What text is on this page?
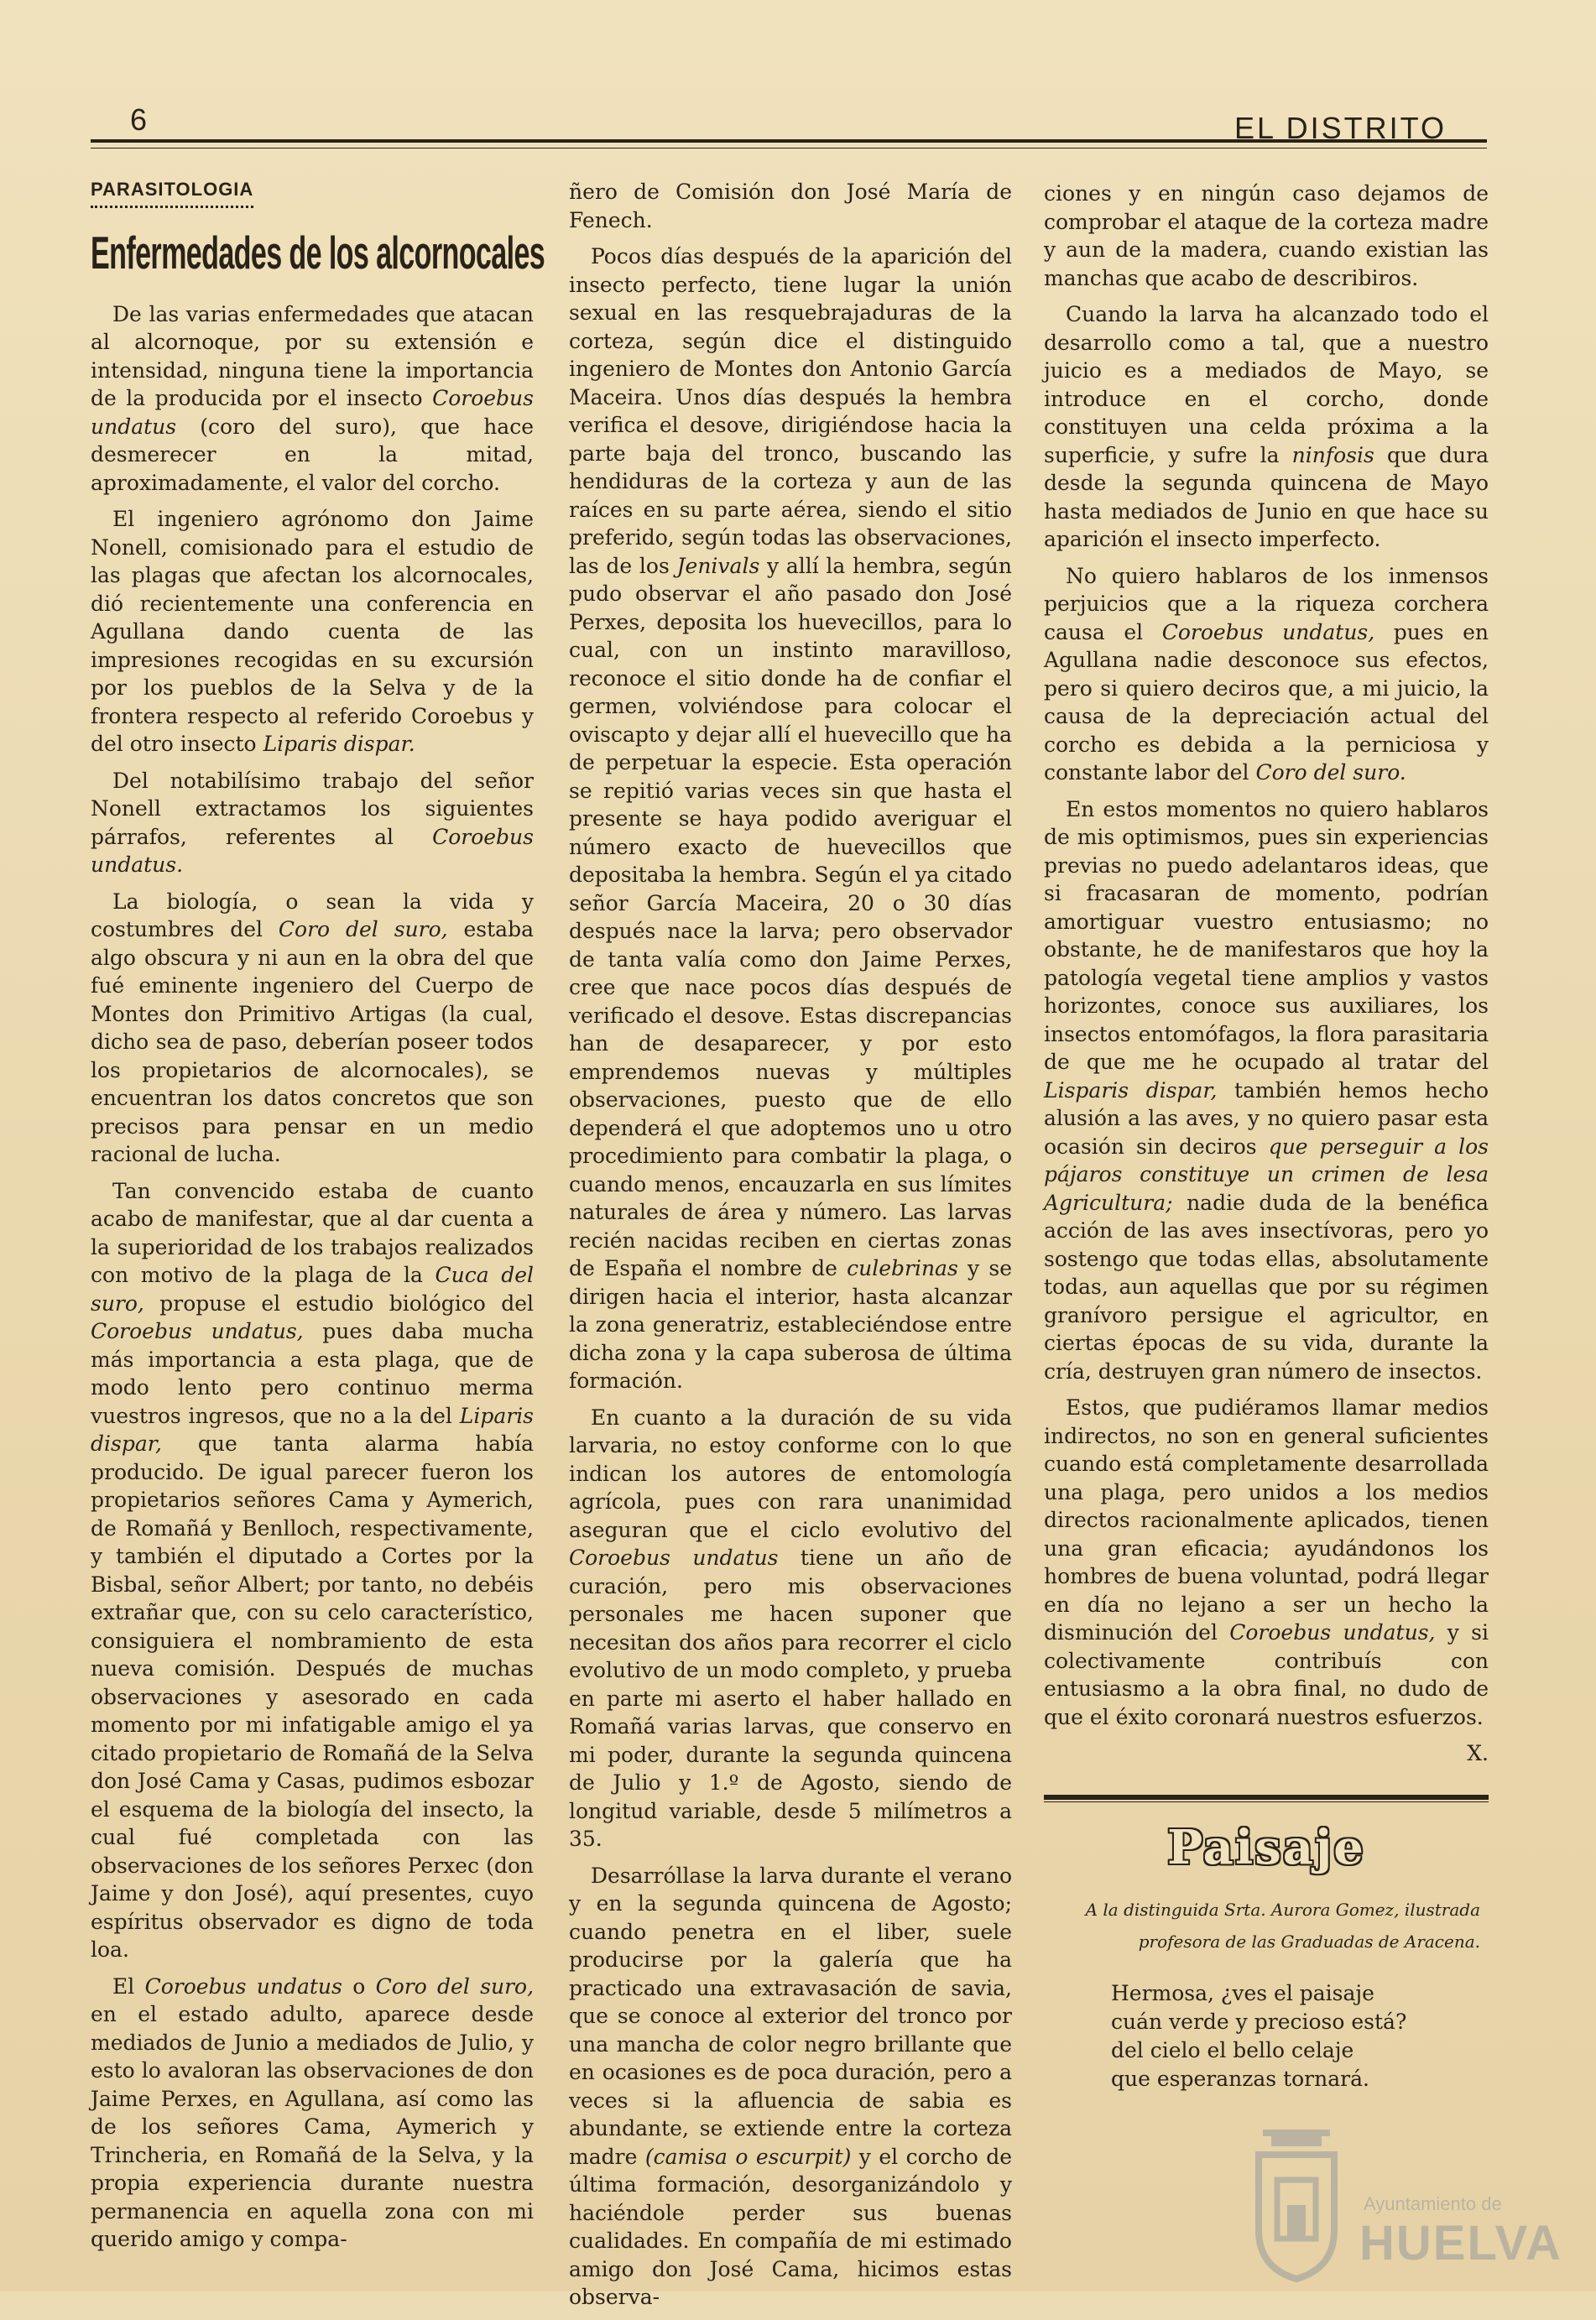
6	EL DISTRITO
PARASITOLOGIA
Enfermedades de los alcornocales

De las varias enfermedades que atacan al alcornoque, por su extensión e intensidad, ninguna tiene la importancia de la producida por el insecto Coroebus undatus (coro del suro), que hace desmerecer en la mitad, aproximadamente, el valor del corcho.

El ingeniero agrónomo don Jaime Nonell, comisionado para el estudio de las plagas que afectan los alcornocales, dió recientemente una conferencia en Agullana dando cuenta de las impresiones recogidas en su excursión por los pueblos de la Selva y de la frontera respecto al referido Coroebus y del otro insecto Liparis dispar.

Del notabilísimo trabajo del señor Nonell extractamos los siguientes párrafos, referentes al Coroebus undatus.

La biología, o sean la vida y costumbres del Coro del suro, estaba algo obscura y ni aun en la obra del que fué eminente ingeniero del Cuerpo de Montes don Primitivo Artigas (la cual, dicho sea de paso, deberían poseer todos los propietarios de alcornocales), se encuentran los datos concretos que son precisos para pensar en un medio racional de lucha.

Tan convencido estaba de cuanto acabo de manifestar, que al dar cuenta a la superioridad de los trabajos realizados con motivo de la plaga de la Cuca del suro, propuse el estudio biológico del Coroebus undatus, pues daba mucha más importancia a esta plaga, que de modo lento pero continuo merma vuestros ingresos, que no a la del Liparis dispar, que tanta alarma había producido. De igual parecer fueron los propietarios señores Cama y Aymerich, de Romañá y Benlloch, respectivamente, y también el diputado a Cortes por la Bisbal, señor Albert; por tanto, no debéis extrañar que, con su celo característico, consiguiera el nombramiento de esta nueva comisión. Después de muchas observaciones y asesorado en cada momento por mi infatigable amigo el ya citado propietario de Romañá de la Selva don José Cama y Casas, pudimos esbozar el esquema de la biología del insecto, la cual fué completada con las observaciones de los señores Perxec (don Jaime y don José), aquí presentes, cuyo espíritus observador es digno de toda loa.

El Coroebus undatus o Coro del suro, en el estado adulto, aparece desde mediados de Junio a mediados de Julio, y esto lo avaloran las observaciones de don Jaime Perxes, en Agullana, así como las de los señores Cama, Aymerich y Trincheria, en Romañá de la Selva, y la propia experiencia durante nuestra permanencia en aquella zona con mi querido amigo y compa-

ñero de Comisión don José María de Fenech.

Pocos días después de la aparición del insecto perfecto, tiene lugar la unión sexual en las resquebrajaduras de la corteza, según dice el distinguido ingeniero de Montes don Antonio García Maceira. Unos días después la hembra verifica el desove, dirigiéndose hacia la parte baja del tronco, buscando las hendiduras de la corteza y aun de las raíces en su parte aérea, siendo el sitio preferido, según todas las observaciones, las de los Jenivals y allí la hembra, según pudo observar el año pasado don José Perxes, deposita los huevecillos, para lo cual, con un instinto maravilloso, reconoce el sitio donde ha de confiar el germen, volviéndose para colocar el oviscapto y dejar allí el huevecillo que ha de perpetuar la especie. Esta operación se repitió varias veces sin que hasta el presente se haya podido averiguar el número exacto de huevecillos que depositaba la hembra. Según el ya citado señor García Maceira, 20 o 30 días después nace la larva; pero observador de tanta valía como don Jaime Perxes, cree que nace pocos días después de verificado el desove. Estas discrepancias han de desaparecer, y por esto emprendemos nuevas y múltiples observaciones, puesto que de ello dependerá el que adoptemos uno u otro procedimiento para combatir la plaga, o cuando menos, encauzarla en sus límites naturales de área y número. Las larvas recién nacidas reciben en ciertas zonas de España el nombre de culebrinas y se dirigen hacia el interior, hasta alcanzar la zona generatriz, estableciéndose entre dicha zona y la capa suberosa de última formación.

En cuanto a la duración de su vida larvaria, no estoy conforme con lo que indican los autores de entomología agrícola, pues con rara unanimidad aseguran que el ciclo evolutivo del Coroebus undatus tiene un año de curación, pero mis observaciones personales me hacen suponer que necesitan dos años para recorrer el ciclo evolutivo de un modo completo, y prueba en parte mi aserto el haber hallado en Romañá varias larvas, que conservo en mi poder, durante la segunda quincena de Julio y 1.º de Agosto, siendo de longitud variable, desde 5 milímetros a 35.

Desarróllase la larva durante el verano y en la segunda quincena de Agosto; cuando penetra en el liber, suele producirse por la galería que ha practicado una extravasación de savia, que se conoce al exterior del tronco por una mancha de color negro brillante que en ocasiones es de poca duración, pero a veces si la afluencia de sabia es abundante, se extiende entre la corteza madre (camisa o escurpit) y el corcho de última formación, desorganizándolo y haciéndole perder sus buenas cualidades. En compañía de mi estimado amigo don José Cama, hicimos estas observa-

ciones y en ningún caso dejamos de comprobar el ataque de la corteza madre y aun de la madera, cuando existian las manchas que acabo de describiros.

Cuando la larva ha alcanzado todo el desarrollo como a tal, que a nuestro juicio es a mediados de Mayo, se introduce en el corcho, donde constituyen una celda próxima a la superficie, y sufre la ninfosis que dura desde la segunda quincena de Mayo hasta mediados de Junio en que hace su aparición el insecto imperfecto.

No quiero hablaros de los inmensos perjuicios que a la riqueza corchera causa el Coroebus undatus, pues en Agullana nadie desconoce sus efectos, pero si quiero deciros que, a mi juicio, la causa de la depreciación actual del corcho es debida a la perniciosa y constante labor del Coro del suro.

En estos momentos no quiero hablaros de mis optimismos, pues sin experiencias previas no puedo adelantaros ideas, que si fracasaran de momento, podrían amortiguar vuestro entusiasmo; no obstante, he de manifestaros que hoy la patología vegetal tiene amplios y vastos horizontes, conoce sus auxiliares, los insectos entomófagos, la flora parasitaria de que me he ocupado al tratar del Lisparis dispar, también hemos hecho alusión a las aves, y no quiero pasar esta ocasión sin deciros que perseguir a los pájaros constituye un crimen de lesa Agricultura; nadie duda de la benéfica acción de las aves insectívoras, pero yo sostengo que todas ellas, absolutamente todas, aun aquellas que por su régimen granívoro persigue el agricultor, en ciertas épocas de su vida, durante la cría, destruyen gran número de insectos.

Estos, que pudiéramos llamar medios indirectos, no son en general suficientes cuando está completamente desarrollada una plaga, pero unidos a los medios directos racionalmente aplicados, tienen una gran eficacia; ayudándonos los hombres de buena voluntad, podrá llegar en día no lejano a ser un hecho la disminución del Coroebus undatus, y si colectivamente contribuís con entusiasmo a la obra final, no dudo de que el éxito coronará nuestros esfuerzos.

X.

Paisaje

A la distinguida Srta. Aurora Gomez, ilustrada profesora de las Graduadas de Aracena.

Hermosa, ¿ves el paisaje

cuán verde y precioso está?

del cielo el bello celaje

que esperanzas tornará.

Ayuntamiento de
HUELVA
